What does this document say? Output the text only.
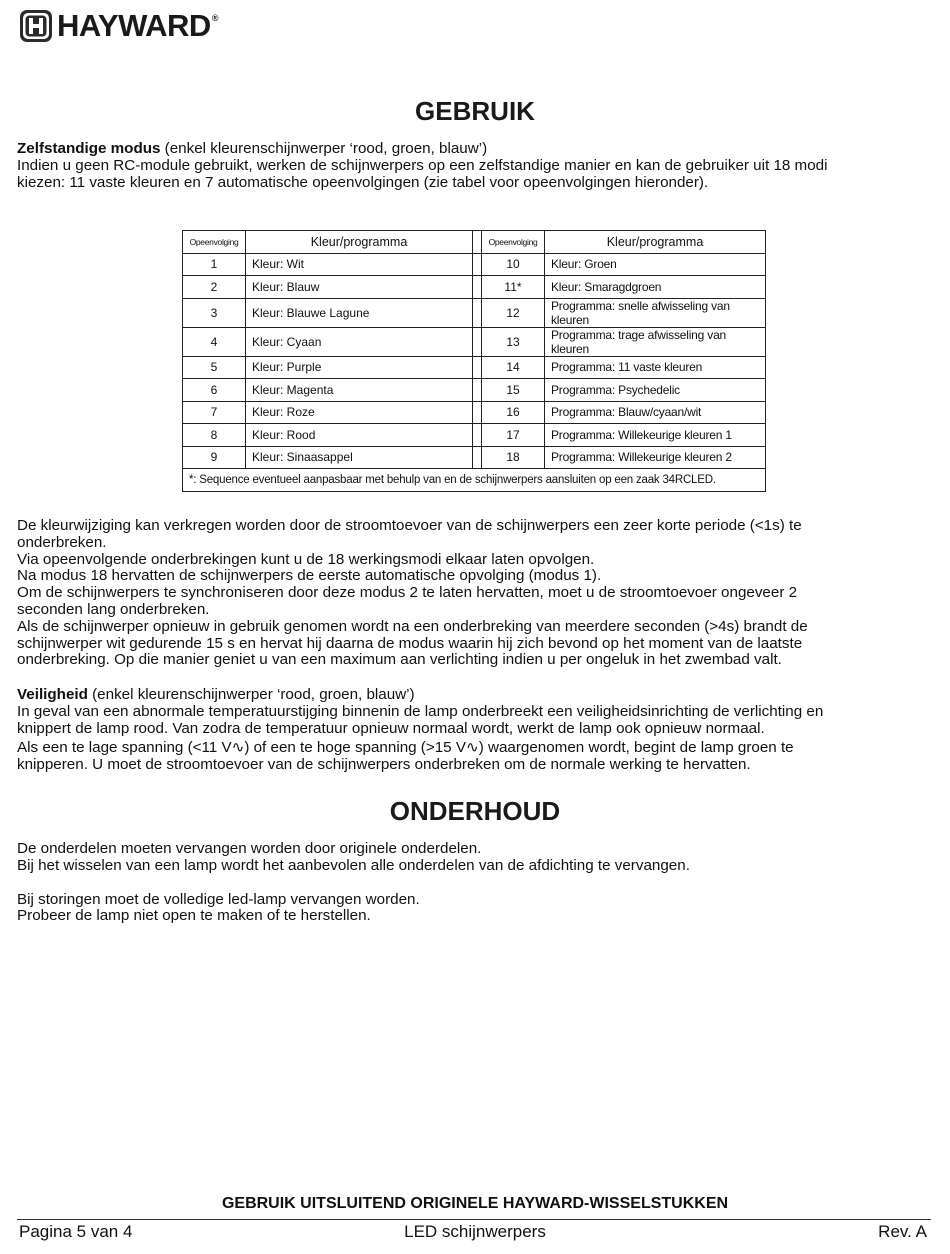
HAYWARD®
GEBRUIK

Zelfstandige modus (enkel kleurenschijnwerper ‘rood, groen, blauw’)
Indien u geen RC-module gebruikt, werken de schijnwerpers op een zelfstandige manier en kan de gebruiker uit 18 modi
kiezen: 11 vaste kleuren en 7 automatische opeenvolgingen (zie tabel voor opeenvolgingen hieronder).

Opeenvolging	Kleur/programma		Opeenvolging	Kleur/programma
1	Kleur: Wit		10	Kleur: Groen
2	Kleur: Blauw		11*	Kleur: Smaragdgroen
3	Kleur: Blauwe Lagune		12	Programma: snelle afwisseling van kleuren
4	Kleur: Cyaan		13	Programma: trage afwisseling van kleuren
5	Kleur: Purple		14	Programma: 11 vaste kleuren
6	Kleur: Magenta		15	Programma: Psychedelic
7	Kleur: Roze		16	Programma: Blauw/cyaan/wit
8	Kleur: Rood		17	Programma: Willekeurige kleuren 1
9	Kleur: Sinaasappel		18	Programma: Willekeurige kleuren 2
*: Sequence eventueel aanpasbaar met behulp van en de schijnwerpers aansluiten op een zaak 34RCLED.				

De kleurwijziging kan verkregen worden door de stroomtoevoer van de schijnwerpers een zeer korte periode (<1s) te
onderbreken.
Via opeenvolgende onderbrekingen kunt u de 18 werkingsmodi elkaar laten opvolgen.
Na modus 18 hervatten de schijnwerpers de eerste automatische opvolging (modus 1).
Om de schijnwerpers te synchroniseren door deze modus 2 te laten hervatten, moet u de stroomtoevoer ongeveer 2
seconden lang onderbreken.
Als de schijnwerper opnieuw in gebruik genomen wordt na een onderbreking van meerdere seconden (>4s) brandt de
schijnwerper wit gedurende 15 s en hervat hij daarna de modus waarin hij zich bevond op het moment van de laatste
onderbreking. Op die manier geniet u van een maximum aan verlichting indien u per ongeluk in het zwembad valt.

Veiligheid (enkel kleurenschijnwerper ‘rood, groen, blauw’)
In geval van een abnormale temperatuurstijging binnenin de lamp onderbreekt een veiligheidsinrichting de verlichting en
knippert de lamp rood. Van zodra de temperatuur opnieuw normaal wordt, werkt de lamp ook opnieuw normaal.
Als een te lage spanning (<11 V∿) of een te hoge spanning (>15 V∿) waargenomen wordt, begint de lamp groen te
knipperen. U moet de stroomtoevoer van de schijnwerpers onderbreken om de normale werking te hervatten.

ONDERHOUD

De onderdelen moeten vervangen worden door originele onderdelen.
Bij het wisselen van een lamp wordt het aanbevolen alle onderdelen van de afdichting te vervangen.
Bij storingen moet de volledige led-lamp vervangen worden.
Probeer de lamp niet open te maken of te herstellen.

GEBRUIK UITSLUITEND ORIGINELE HAYWARD-WISSELSTUKKEN
Pagina 5 van 4	LED schijnwerpers	Rev. A
